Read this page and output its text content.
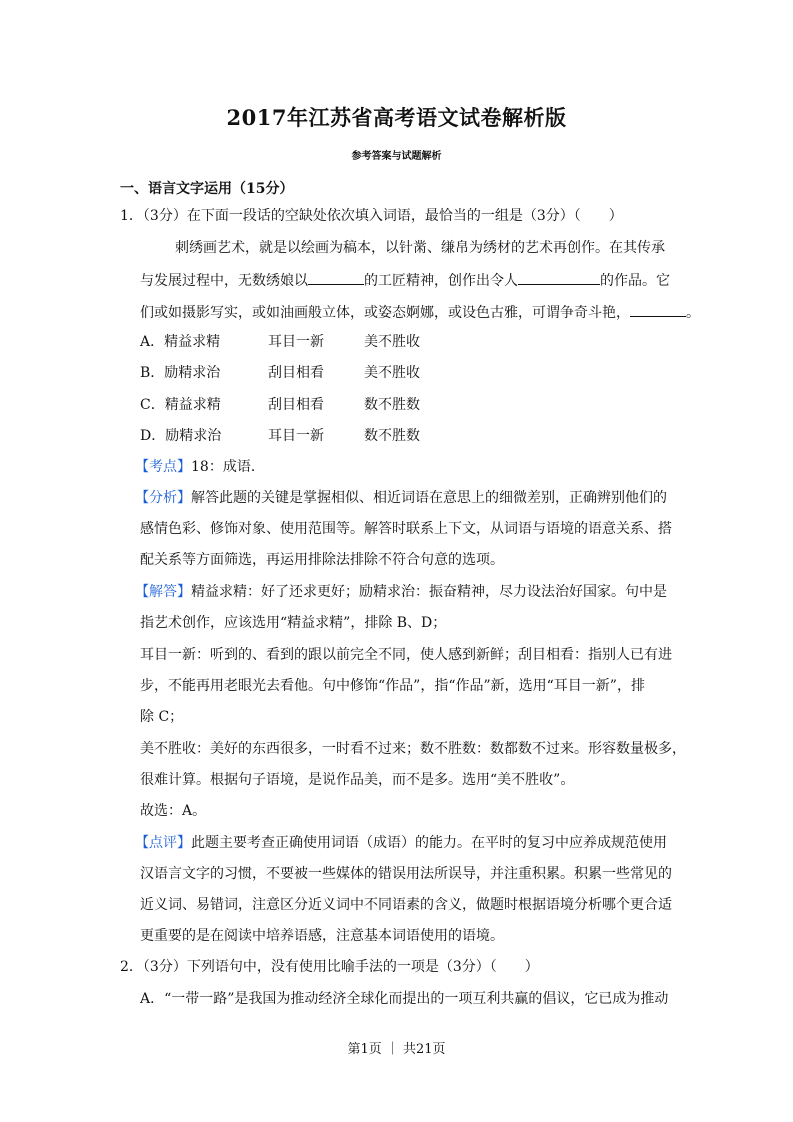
2017年江苏省高考语文试卷解析版
参考答案与试题解析
一、语言文字运用（15分）
1．（3分）在下面一段话的空缺处依次填入词语，最恰当的一组是（3分）（　　）
刺绣画艺术，就是以绘画为稿本，以针黹、缣帛为绣材的艺术再创作。在其传承
与发展过程中，无数绣娘以	的工匠精神，创作出令人	的作品。它
们或如摄影写实，或如油画般立体，或姿态婀娜，或设色古雅，可谓争奇斗艳，	。
A．精益求精	耳目一新	美不胜收
B．励精求治	刮目相看	美不胜收
C．精益求精	刮目相看	数不胜数
D．励精求治	耳目一新	数不胜数
【考点】18：成语．
【分析】解答此题的关键是掌握相似、相近词语在意思上的细微差别，正确辨别他们的
感情色彩、修饰对象、使用范围等。解答时联系上下文，从词语与语境的语意关系、搭
配关系等方面筛选，再运用排除法排除不符合句意的选项。
【解答】精益求精：好了还求更好；励精求治：振奋精神，尽力设法治好国家。句中是
指艺术创作，应该选用“精益求精”，排除 B、D；
耳目一新：听到的、看到的跟以前完全不同，使人感到新鲜；刮目相看：指别人已有进
步，不能再用老眼光去看他。句中修饰“作品”，指“作品”新，选用“耳目一新”，排
除 C；
美不胜收：美好的东西很多，一时看不过来；数不胜数：数都数不过来。形容数量极多，
很难计算。根据句子语境，是说作品美，而不是多。选用“美不胜收”。
故选：A。
【点评】此题主要考查正确使用词语（成语）的能力。在平时的复习中应养成规范使用
汉语言文字的习惯，不要被一些媒体的错误用法所误导，并注重积累。积累一些常见的
近义词、易错词，注意区分近义词中不同语素的含义，做题时根据语境分析哪个更合适
更重要的是在阅读中培养语感，注意基本词语使用的语境。
2．（3分）下列语句中，没有使用比喻手法的一项是（3分）（　　）
A．“一带一路”是我国为推动经济全球化而提出的一项互利共赢的倡议，它已成为推动
第1页 ｜ 共21页
